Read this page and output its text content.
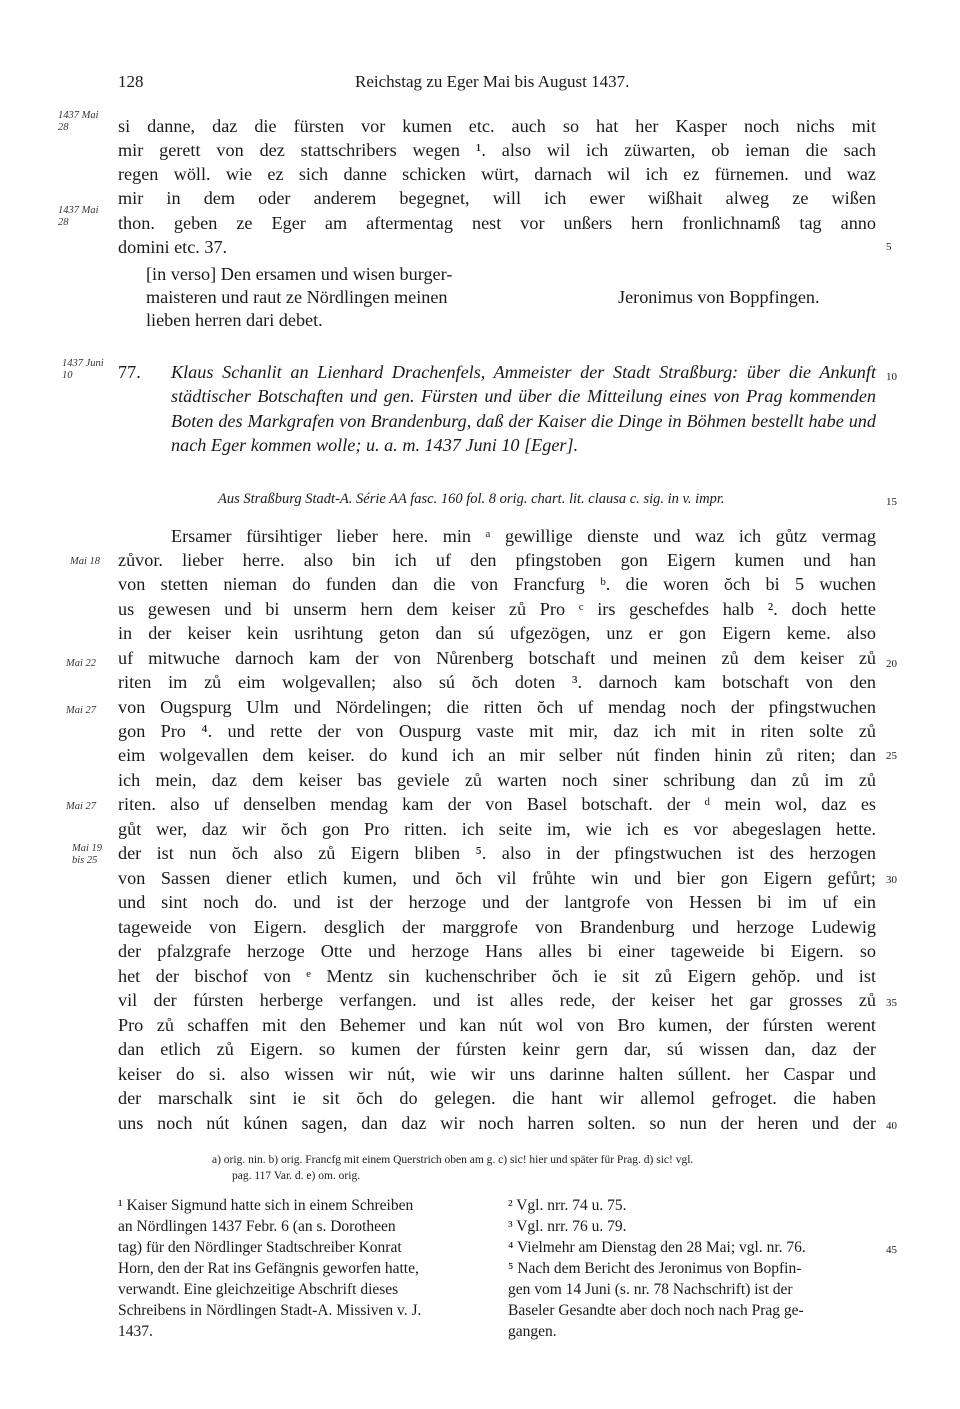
128	Reichstag zu Eger Mai bis August 1437.
1437 Mai 28
1437 Mai 28
1437 Juni 10
Mai 18
Mai 22
Mai 27
Mai 27
Mai 19 bis 25
5
10
15
20
25
30
35
40
45
si danne, daz die fürsten vor kumen etc. auch so hat her Kasper noch nichs mit
mir gerett von dez stattschribers wegen ¹. also wil ich züwarten, ob ieman die sach
regen wöll. wie ez sich danne schicken würt, darnach wil ich ez fürnemen. und waz
mir in dem oder anderem begegnet, will ich ewer wißhait alweg ze wißen
thon. geben ze Eger am aftermentag nest vor unßers hern fronlichnamß tag anno
domini etc. 37.
[in verso] Den ersamen und wisen burger-
maisteren und raut ze Nördlingen meinen
lieben herren dari debet.
Jeronimus von Boppfingen.
77. Klaus Schanlit an Lienhard Drachenfels, Ammeister der Stadt Straßburg: über die Ankunft städtischer Botschaften und gen. Fürsten und über die Mitteilung eines von Prag kommenden Boten des Markgrafen von Brandenburg, daß der Kaiser die Dinge in Böhmen bestellt habe und nach Eger kommen wolle; u. a. m. 1437 Juni 10 [Eger].
Aus Straßburg Stadt-A. Série AA fasc. 160 fol. 8 orig. chart. lit. clausa c. sig. in v. impr.
Ersamer fürsihtiger lieber here. min ᵃ gewillige dienste und waz ich gůtz vermag
zůvor. lieber herre. also bin ich uf den pfingstoben gon Eigern kumen und han
von stetten nieman do funden dan die von Francfurg ᵇ. die woren ŏch bi 5 wuchen
us gewesen und bi unserm hern dem keiser zů Pro ᶜ irs geschefdes halb ². doch hette
in der keiser kein usrihtung geton dan sú ufgezögen, unz er gon Eigern keme. also
uf mitwuche darnoch kam der von Nůrenberg botschaft und meinen zů dem keiser zů
riten im zů eim wolgevallen; also sú ŏch doten ³. darnoch kam botschaft von den
von Ougspurg Ulm und Nördelingen; die ritten ŏch uf mendag noch der pfingstwuchen
gon Pro ⁴. und rette der von Ouspurg vaste mit mir, daz ich mit in riten solte zů
eim wolgevallen dem keiser. do kund ich an mir selber nút finden hinin zů riten; dan
ich mein, daz dem keiser bas geviele zů warten noch siner schribung dan zů im zů
riten. also uf denselben mendag kam der von Basel botschaft. der ᵈ mein wol, daz es
gůt wer, daz wir ŏch gon Pro ritten. ich seite im, wie ich es vor abegeslagen hette.
der ist nun ŏch also zů Eigern bliben ⁵. also in der pfingstwuchen ist des herzogen
von Sassen diener etlich kumen, und ŏch vil frůhte win und bier gon Eigern gefůrt;
und sint noch do. und ist der herzoge und der lantgrofe von Hessen bi im uf ein
tageweide von Eigern. desglich der marggrofe von Brandenburg und herzoge Ludewig
der pfalzgrafe herzoge Otte und herzoge Hans alles bi einer tageweide bi Eigern. so
het der bischof von ᵉ Mentz sin kuchenschriber ŏch ie sit zů Eigern gehŏp. und ist
vil der fúrsten herberge verfangen. und ist alles rede, der keiser het gar grosses zů
Pro zů schaffen mit den Behemer und kan nút wol von Bro kumen, der fúrsten werent
dan etlich zů Eigern. so kumen der fúrsten keinr gern dar, sú wissen dan, daz der
keiser do si. also wissen wir nút, wie wir uns darinne halten súllent. her Caspar und
der marschalk sint ie sit ŏch do gelegen. die hant wir allemol gefroget. die haben
uns noch nút kúnen sagen, dan daz wir noch harren solten. so nun der heren und der
a) orig. nin. b) orig. Francfg mit einem Querstrich oben am g. c) sic! hier und später für Prag. d) sic! vgl.
pag. 117 Var. d. e) om. orig.
¹ Kaiser Sigmund hatte sich in einem Schreiben
an Nördlingen 1437 Febr. 6 (an s. Dorotheen
tag) für den Nördlinger Stadtschreiber Konrat
Horn, den der Rat ins Gefängnis geworfen hatte,
verwandt. Eine gleichzeitige Abschrift dieses
Schreibens in Nördlingen Stadt-A. Missiven v. J.
1437.
² Vgl. nrr. 74 u. 75.
³ Vgl. nrr. 76 u. 79.
⁴ Vielmehr am Dienstag den 28 Mai; vgl. nr. 76.
⁵ Nach dem Bericht des Jeronimus von Bopfin-
gen vom 14 Juni (s. nr. 78 Nachschrift) ist der
Baseler Gesandte aber doch noch nach Prag ge-
gangen.
